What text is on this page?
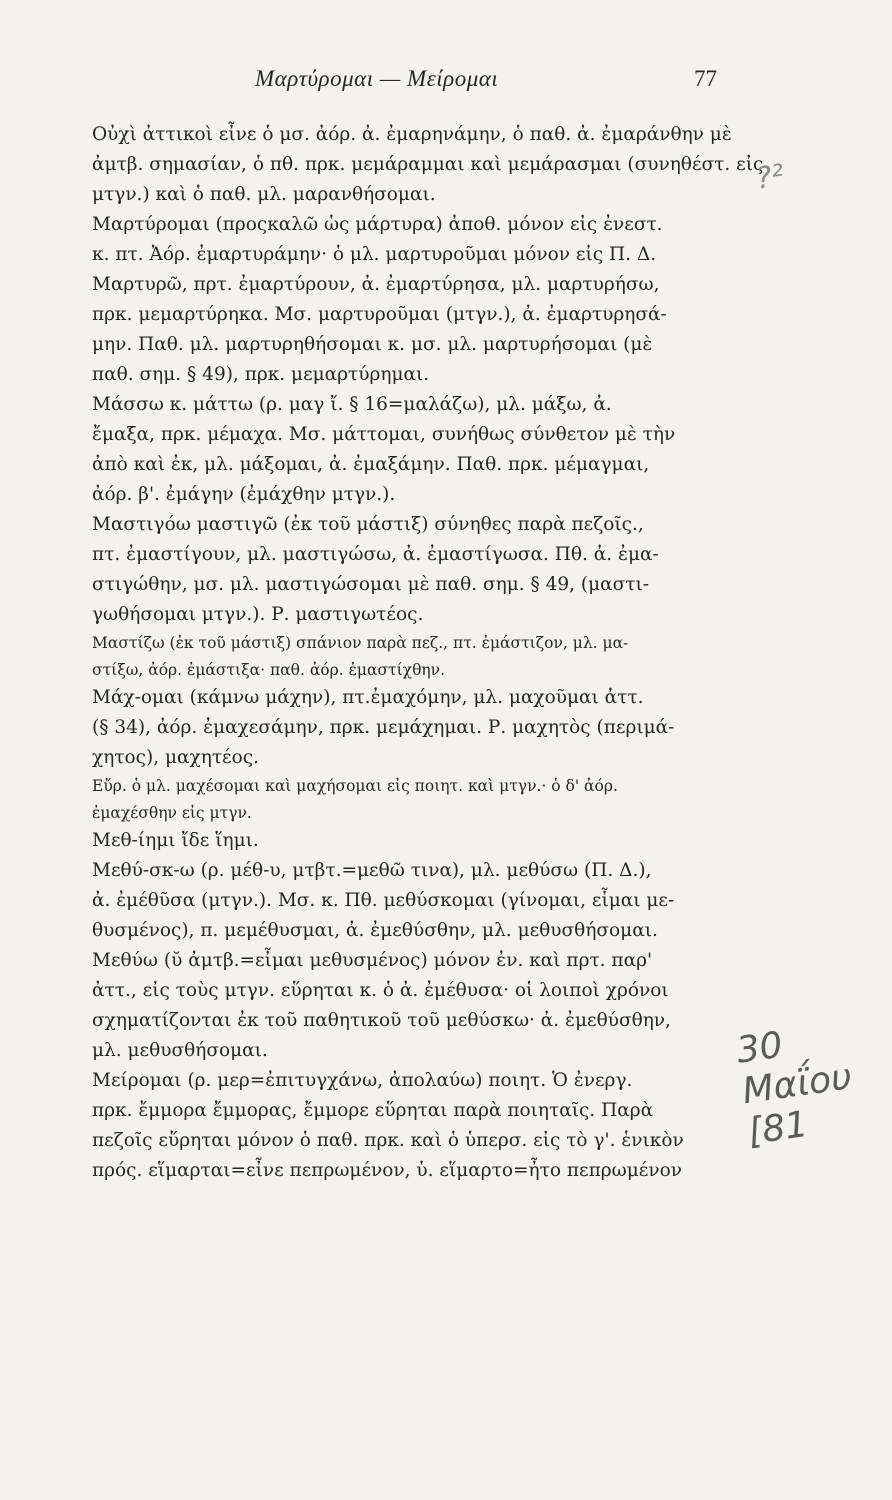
Μαρτύρομαι — Μείρομαι	77
Οὐχὶ ἀττικοὶ εἶνε ὁ μσ. ἀόρ. ἀ. ἐμαρηνάμην, ὁ παθ. ἀ. ἐμαράνθην μὲ
ἀμτβ. σημασίαν, ὁ πθ. πρκ. μεμάραμμαι καὶ μεμάρασμαι (συνηθέστ. εἰς
μτγν.) καὶ ὁ παθ. μλ. μαρανθήσομαι.
Μαρτύρομαι (προςκαλῶ ὡς μάρτυρα) ἀποθ. μόνον εἰς ἐνεστ.
κ. πτ. Ἀόρ. ἐμαρτυράμην· ὁ μλ. μαρτυροῦμαι μόνον εἰς Π. Δ.
Μαρτυρῶ, πρτ. ἐμαρτύρουν, ἀ. ἐμαρτύρησα, μλ. μαρτυρήσω,
πρκ. μεμαρτύρηκα. Μσ. μαρτυροῦμαι (μτγν.), ἀ. ἐμαρτυρησά-
μην. Παθ. μλ. μαρτυρηθήσομαι κ. μσ. μλ. μαρτυρήσομαι (μὲ
παθ. σημ. § 49), πρκ. μεμαρτύρημαι.
Μάσσω κ. μάττω (ρ. μαγ ἴ. § 16=μαλάζω), μλ. μάξω, ἀ.
ἔμαξα, πρκ. μέμαχα. Μσ. μάττομαι, συνήθως σύνθετον μὲ τὴν
ἀπὸ καὶ ἐκ, μλ. μάξομαι, ἀ. ἐμαξάμην. Παθ. πρκ. μέμαγμαι,
ἀόρ. β'. ἐμάγην (ἐμάχθην μτγν.).
Μαστιγόω μαστιγῶ (ἐκ τοῦ μάστιξ) σύνηθες παρὰ πεζοῖς.,
πτ. ἐμαστίγουν, μλ. μαστιγώσω, ἀ. ἐμαστίγωσα. Πθ. ἀ. ἐμα-
στιγώθην, μσ. μλ. μαστιγώσομαι μὲ παθ. σημ. § 49, (μαστι-
γωθήσομαι μτγν.). Ρ. μαστιγωτέος.
Μαστίζω (ἐκ τοῦ μάστιξ) σπάνιον παρὰ πεζ., πτ. ἐμάστιζον, μλ. μα-
στίξω, ἀόρ. ἐμάστιξα· παθ. ἀόρ. ἐμαστίχθην.
Μάχ-ομαι (κάμνω μάχην), πτ.ἐμαχόμην, μλ. μαχοῦμαι ἀττ.
(§ 34), ἀόρ. ἐμαχεσάμην, πρκ. μεμάχημαι. Ρ. μαχητὸς (περιμά-
χητος), μαχητέος.
Εὔρ. ὁ μλ. μαχέσομαι καὶ μαχήσομαι εἰς ποιητ. καὶ μτγν.· ὁ δ' ἀόρ.
ἐμαχέσθην εἰς μτγν.
Μεθ-ίημι ἴδε ἵημι.
Μεθύ-σκ-ω (ρ. μέθ-υ, μτβτ.=μεθῶ τινα), μλ. μεθύσω (Π. Δ.),
ἀ. ἐμέθῦσα (μτγν.). Μσ. κ. Πθ. μεθύσκομαι (γίνομαι, εἶμαι με-
θυσμένος), π. μεμέθυσμαι, ἀ. ἐμεθύσθην, μλ. μεθυσθήσομαι.
Μεθύω (ῠ ἀμτβ.=εἶμαι μεθυσμένος) μόνον ἐν. καὶ πρτ. παρ'
ἀττ., εἰς τοὺς μτγν. εὕρηται κ. ὁ ἀ. ἐμέθυσα· οἱ λοιποὶ χρόνοι
σχηματίζονται ἐκ τοῦ παθητικοῦ τοῦ μεθύσκω· ἀ. ἐμεθύσθην,
μλ. μεθυσθήσομαι.
Μείρομαι (ρ. μερ=ἐπιτυγχάνω, ἀπολαύω) ποιητ. Ὁ ἐνεργ.
πρκ. ἔμμορα ἔμμορας, ἔμμορε εὕρηται παρὰ ποιηταῖς. Παρὰ
πεζοῖς εὕρηται μόνον ὁ παθ. πρκ. καὶ ὁ ὑπερσ. εἰς τὸ γ'. ἑνικὸν
πρός. εἵμαρται=εἶνε πεπρωμένον, ὑ. εἵμαρτο=ἦτο πεπρωμένον
?²
30 Μαΐου [81
